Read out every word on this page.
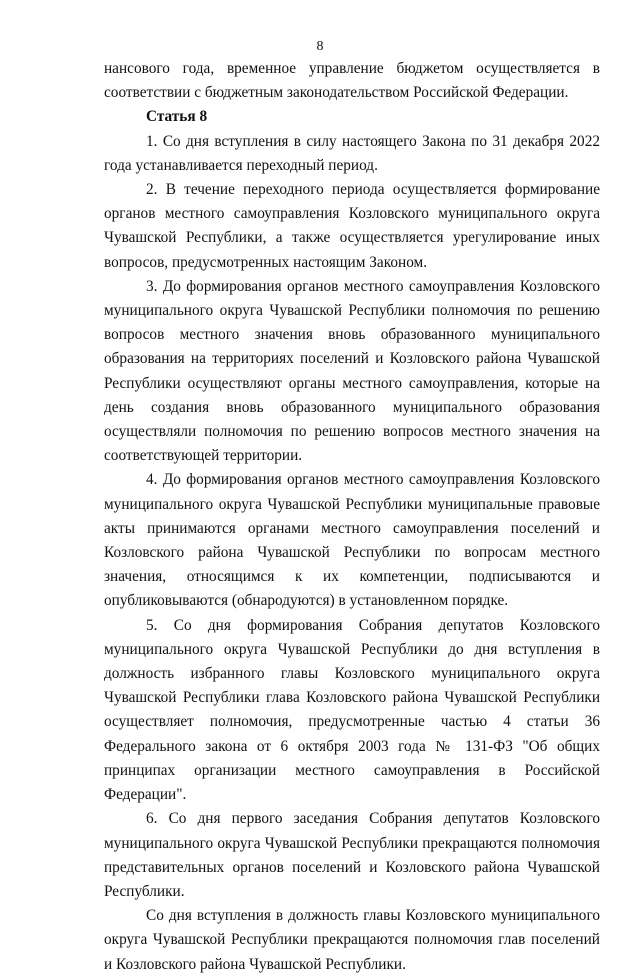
8

нансового года, временное управление бюджетом осуществляется в соответствии с бюджетным законодательством Российской Федерации.

Статья 8

1. Со дня вступления в силу настоящего Закона по 31 декабря 2022 года устанавливается переходный период.

2. В течение переходного периода осуществляется формирование органов местного самоуправления Козловского муниципального округа Чувашской Республики, а также осуществляется урегулирование иных вопросов, предусмотренных настоящим Законом.

3. До формирования органов местного самоуправления Козловского муниципального округа Чувашской Республики полномочия по решению вопросов местного значения вновь образованного муниципального образования на территориях поселений и Козловского района Чувашской Республики осуществляют органы местного самоуправления, которые на день создания вновь образованного муниципального образования осуществляли полномочия по решению вопросов местного значения на соответствующей территории.

4. До формирования органов местного самоуправления Козловского муниципального округа Чувашской Республики муниципальные правовые акты принимаются органами местного самоуправления поселений и Козловского района Чувашской Республики по вопросам местного значения, относящимся к их компетенции, подписываются и опубликовываются (обнародуются) в установленном порядке.

5. Со дня формирования Собрания депутатов Козловского муниципального округа Чувашской Республики до дня вступления в должность избранного главы Козловского муниципального округа Чувашской Республики глава Козловского района Чувашской Республики осуществляет полномочия, предусмотренные частью 4 статьи 36 Федерального закона от 6 октября 2003 года № 131-ФЗ "Об общих принципах организации местного самоуправления в Российской Федерации".

6. Со дня первого заседания Собрания депутатов Козловского муниципального округа Чувашской Республики прекращаются полномочия представительных органов поселений и Козловского района Чувашской Республики.

Со дня вступления в должность главы Козловского муниципального округа Чувашской Республики прекращаются полномочия глав поселений и Козловского района Чувашской Республики.
